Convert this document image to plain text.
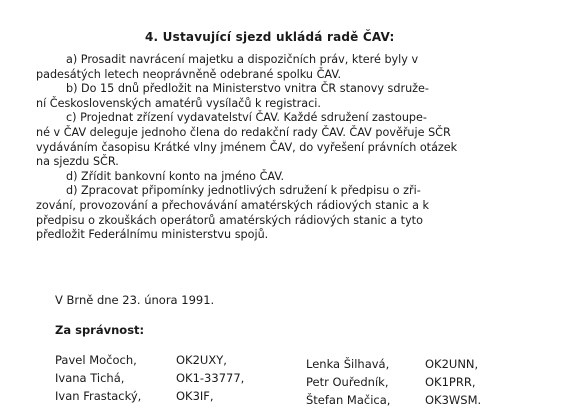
4. Ustavující sjezd ukládá radě ČAV:
a) Prosadit navrácení majetku a dispozičních práv, které byly v
padesátých letech neoprávněně odebrané spolku ČAV.
b) Do 15 dnů předložit na Ministerstvo vnitra ČR stanovy sdruže-
ní Československých amatérů vysílačů k registraci.
c) Projednat zřízení vydavatelství ČAV. Každé sdružení zastoupe-
né v ČAV deleguje jednoho člena do redakční rady ČAV. ČAV pověřuje SČR
vydáváním časopisu Krátké vlny jménem ČAV, do vyřešení právních otázek
na sjezdu SČR.
d) Zřídit bankovní konto na jméno ČAV.
d) Zpracovat připomínky jednotlivých sdružení k předpisu o zři-
zování, provozování a přechovávání amatérských rádiových stanic a k
předpisu o zkouškách operátorů amatérských rádiových stanic a tyto
předložit Federálnímu ministerstvu spojů.
V Brně dne 23. února 1991.
Za správnost:
Pavel Močoch,	OK2UXY,
Ivana Tichá,	OK1-33777,
Ivan Frastacký,	OK3IF,
Lenka Šilhavá,	OK2UNN,
Petr Ouředník,	OK1PRR,
Štefan Mačica,	OK3WSM.
